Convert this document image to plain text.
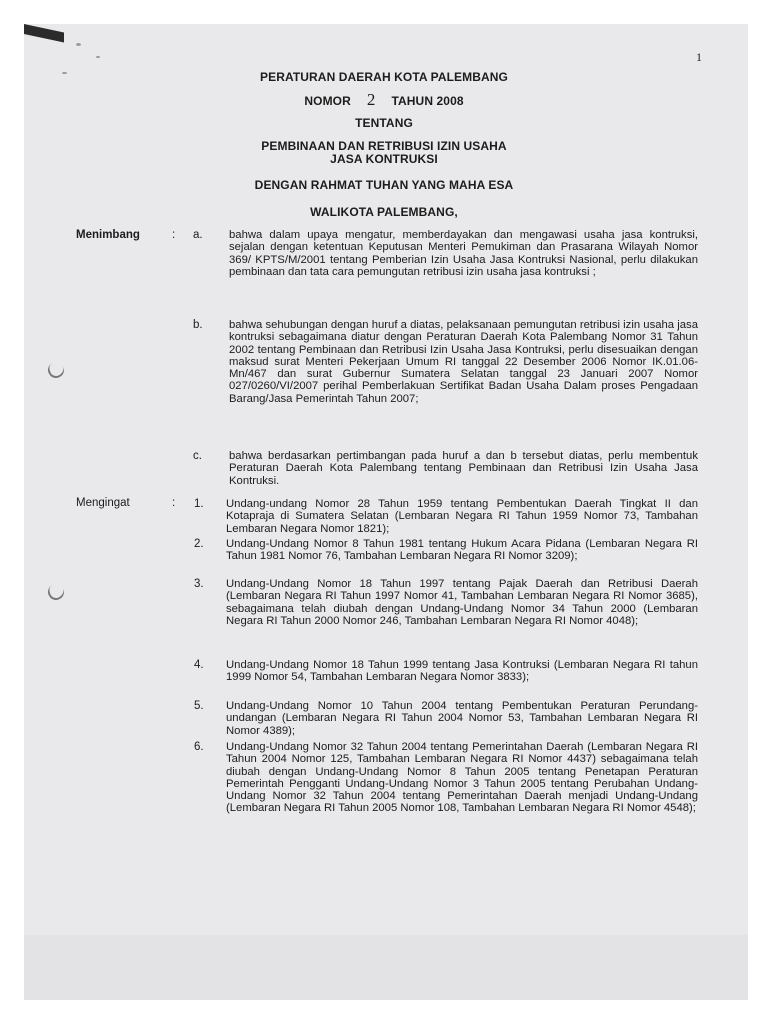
1
PERATURAN DAERAH KOTA PALEMBANG
NOMOR 2 TAHUN 2008
TENTANG
PEMBINAAN DAN RETRIBUSI IZIN USAHA
JASA KONTRUKSI
DENGAN RAHMAT TUHAN YANG MAHA ESA
WALIKOTA PALEMBANG,
Menimbang	: a. bahwa dalam upaya mengatur, memberdayakan dan mengawasi usaha jasa kontruksi, sejalan dengan ketentuan Keputusan Menteri Pemukiman dan Prasarana Wilayah Nomor 369/ KPTS/M/2001 tentang Pemberian Izin Usaha Jasa Kontruksi Nasional, perlu dilakukan pembinaan dan tata cara pemungutan retribusi izin usaha jasa kontruksi ;
b. bahwa sehubungan dengan huruf a diatas, pelaksanaan pemungutan retribusi izin usaha jasa kontruksi sebagaimana diatur dengan Peraturan Daerah Kota Palembang Nomor 31 Tahun 2002 tentang Pembinaan dan Retribusi Izin Usaha Jasa Kontruksi, perlu disesuaikan dengan maksud surat Menteri Pekerjaan Umum RI tanggal 22 Desember 2006 Nomor IK.01.06-Mn/467 dan surat Gubernur Sumatera Selatan tanggal 23 Januari 2007 Nomor 027/0260/VI/2007 perihal Pemberlakuan Sertifikat Badan Usaha Dalam proses Pengadaan Barang/Jasa Pemerintah Tahun 2007;
c. bahwa berdasarkan pertimbangan pada huruf a dan b tersebut diatas, perlu membentuk Peraturan Daerah Kota Palembang tentang Pembinaan dan Retribusi Izin Usaha Jasa Kontruksi.
Mengingat	: 1. Undang-undang Nomor 28 Tahun 1959 tentang Pembentukan Daerah Tingkat II dan Kotapraja di Sumatera Selatan (Lembaran Negara RI Tahun 1959 Nomor 73, Tambahan Lembaran Negara Nomor 1821);
2. Undang-Undang Nomor 8 Tahun 1981 tentang Hukum Acara Pidana (Lembaran Negara RI Tahun 1981 Nomor 76, Tambahan Lembaran Negara RI Nomor 3209);
3. Undang-Undang Nomor 18 Tahun 1997 tentang Pajak Daerah dan Retribusi Daerah (Lembaran Negara RI Tahun 1997 Nomor 41, Tambahan Lembaran Negara RI Nomor 3685), sebagaimana telah diubah dengan Undang-Undang Nomor 34 Tahun 2000 (Lembaran Negara RI Tahun 2000 Nomor 246, Tambahan Lembaran Negara RI Nomor 4048);
4. Undang-Undang Nomor 18 Tahun 1999 tentang Jasa Kontruksi (Lembaran Negara RI tahun 1999 Nomor 54, Tambahan Lembaran Negara Nomor 3833);
5. Undang-Undang Nomor 10 Tahun 2004 tentang Pembentukan Peraturan Perundang-undangan (Lembaran Negara RI Tahun 2004 Nomor 53, Tambahan Lembaran Negara RI Nomor 4389);
6. Undang-Undang Nomor 32 Tahun 2004 tentang Pemerintahan Daerah (Lembaran Negara RI Tahun 2004 Nomor 125, Tambahan Lembaran Negara RI Nomor 4437) sebagaimana telah diubah dengan Undang-Undang Nomor 8 Tahun 2005 tentang Penetapan Peraturan Pemerintah Pengganti Undang-Undang Nomor 3 Tahun 2005 tentang Perubahan Undang-Undang Nomor 32 Tahun 2004 tentang Pemerintahan Daerah menjadi Undang-Undang (Lembaran Negara RI Tahun 2005 Nomor 108, Tambahan Lembaran Negara RI Nomor 4548);
